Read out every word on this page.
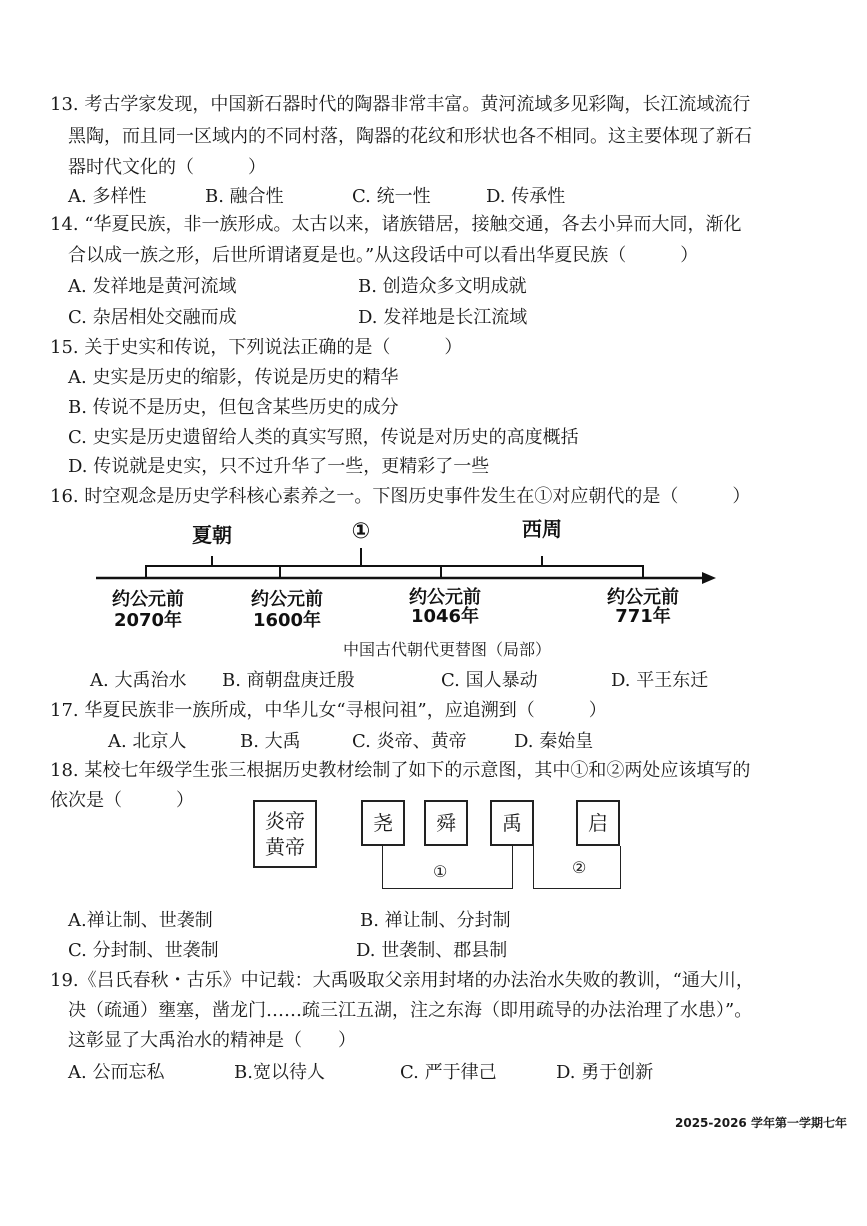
13. 考古学家发现，中国新石器时代的陶器非常丰富。黄河流域多见彩陶，长江流域流行
黑陶，而且同一区域内的不同村落，陶器的花纹和形状也各不相同。这主要体现了新石
器时代文化的（　　　）
A. 多样性	B. 融合性	C. 统一性	D. 传承性
14. “华夏民族，非一族形成。太古以来，诸族错居，接触交通，各去小异而大同，渐化
合以成一族之形，后世所谓诸夏是也。”从这段话中可以看出华夏民族（　　　）
A. 发祥地是黄河流域	B. 创造众多文明成就
C. 杂居相处交融而成	D. 发祥地是长江流域
15. 关于史实和传说，下列说法正确的是（　　　）
A. 史实是历史的缩影，传说是历史的精华
B. 传说不是历史，但包含某些历史的成分
C. 史实是历史遗留给人类的真实写照，传说是对历史的高度概括
D. 传说就是史实，只不过升华了一些，更精彩了一些
16. 时空观念是历史学科核心素养之一。下图历史事件发生在①对应朝代的是（　　　）
夏朝	①	西周
约公元前
2070年
约公元前
1600年
约公元前
1046年
约公元前
771年
中国古代朝代更替图（局部）
A. 大禹治水 B. 商朝盘庚迁殷	C. 国人暴动	D. 平王东迁
17. 华夏民族非一族所成，中华儿女“寻根问祖”，应追溯到（　　　）
A. 北京人	B. 大禹	C. 炎帝、黄帝	D. 秦始皇
18. 某校七年级学生张三根据历史教材绘制了如下的示意图，其中①和②两处应该填写的
依次是（　　　）
炎帝
黄帝
尧	舜	禹	启
①	②
A.禅让制、世袭制	B. 禅让制、分封制
C. 分封制、世袭制	D. 世袭制、郡县制
19.《吕氏春秋・古乐》中记载：大禹吸取父亲用封堵的办法治水失败的教训，“通大川，
决（疏通）壅塞，凿龙门……疏三江五湖，注之东海（即用疏导的办法治理了水患）”。
这彰显了大禹治水的精神是（　　）
A. 公而忘私	B.宽以待人	C. 严于律己	D. 勇于创新
2025-2026 学年第一学期七年
